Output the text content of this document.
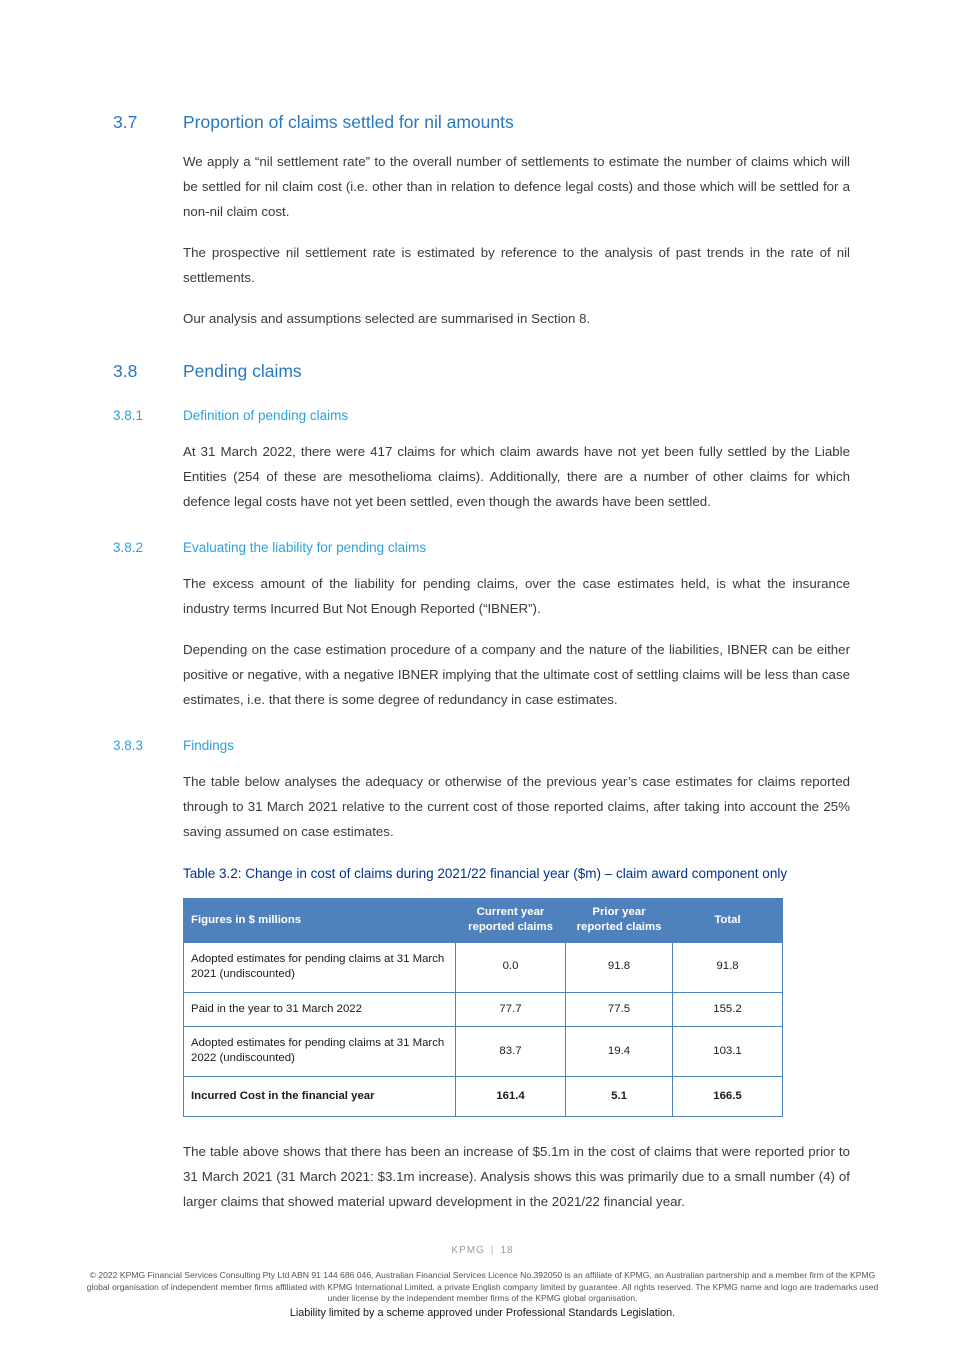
3.7	Proportion of claims settled for nil amounts
We apply a “nil settlement rate” to the overall number of settlements to estimate the number of claims which will be settled for nil claim cost (i.e. other than in relation to defence legal costs) and those which will be settled for a non-nil claim cost.
The prospective nil settlement rate is estimated by reference to the analysis of past trends in the rate of nil settlements.
Our analysis and assumptions selected are summarised in Section 8.
3.8	Pending claims
3.8.1	Definition of pending claims
At 31 March 2022, there were 417 claims for which claim awards have not yet been fully settled by the Liable Entities (254 of these are mesothelioma claims). Additionally, there are a number of other claims for which defence legal costs have not yet been settled, even though the awards have been settled.
3.8.2	Evaluating the liability for pending claims
The excess amount of the liability for pending claims, over the case estimates held, is what the insurance industry terms Incurred But Not Enough Reported (“IBNER”).
Depending on the case estimation procedure of a company and the nature of the liabilities, IBNER can be either positive or negative, with a negative IBNER implying that the ultimate cost of settling claims will be less than case estimates, i.e. that there is some degree of redundancy in case estimates.
3.8.3	Findings
The table below analyses the adequacy or otherwise of the previous year’s case estimates for claims reported through to 31 March 2021 relative to the current cost of those reported claims, after taking into account the 25% saving assumed on case estimates.
Table 3.2: Change in cost of claims during 2021/22 financial year ($m) – claim award component only
Figures in $ millions	Current year reported claims	Prior year reported claims	Total
Adopted estimates for pending claims at 31 March 2021 (undiscounted)	0.0	91.8	91.8
Paid in the year to 31 March 2022	77.7	77.5	155.2
Adopted estimates for pending claims at 31 March 2022 (undiscounted)	83.7	19.4	103.1
Incurred Cost in the financial year	161.4	5.1	166.5
The table above shows that there has been an increase of $5.1m in the cost of claims that were reported prior to 31 March 2021 (31 March 2021: $3.1m increase). Analysis shows this was primarily due to a small number (4) of larger claims that showed material upward development in the 2021/22 financial year.
KPMG | 18
© 2022 KPMG Financial Services Consulting Pty Ltd ABN 91 144 686 046, Australian Financial Services Licence No.392050 is an affiliate of KPMG, an Australian partnership and a member firm of the KPMG global organisation of independent member firms affiliated with KPMG International Limited, a private English company limited by guarantee. All rights reserved. The KPMG name and logo are trademarks used under license by the independent member firms of the KPMG global organisation.
Liability limited by a scheme approved under Professional Standards Legislation.
